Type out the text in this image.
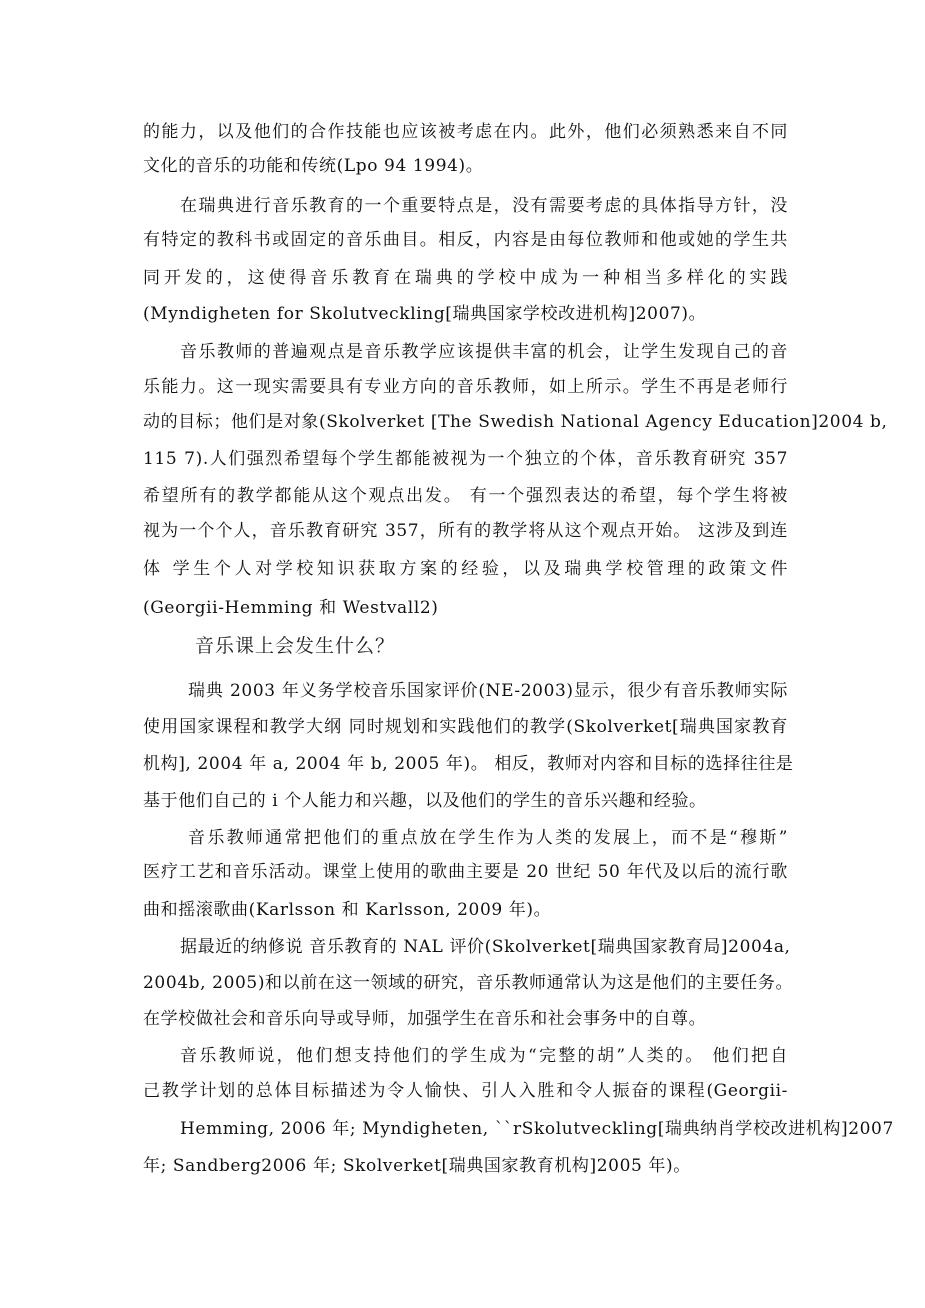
的能力，以及他们的合作技能也应该被考虑在内。此外，他们必须熟悉来自不同
文化的音乐的功能和传统(Lpo 94 1994)。
在瑞典进行音乐教育的一个重要特点是，没有需要考虑的具体指导方针，没
有特定的教科书或固定的音乐曲目。相反，内容是由每位教师和他或她的学生共
同开发的，这使得音乐教育在瑞典的学校中成为一种相当多样化的实践
(Myndigheten for Skolutveckling[瑞典国家学校改进机构]2007)。
音乐教师的普遍观点是音乐教学应该提供丰富的机会，让学生发现自己的音
乐能力。这一现实需要具有专业方向的音乐教师，如上所示。学生不再是老师行
动的目标；他们是对象(Skolverket [The Swedish National Agency Education]2004 b,
115 7).人们强烈希望每个学生都能被视为一个独立的个体，音乐教育研究 357
希望所有的教学都能从这个观点出发。 有一个强烈表达的希望，每个学生将被
视为一个个人，音乐教育研究 357，所有的教学将从这个观点开始。 这涉及到连
体 学生个人对学校知识获取方案的经验，以及瑞典学校管理的政策文件
(Georgii-Hemming 和 Westvall2)
音乐课上会发生什么？
瑞典 2003 年义务学校音乐国家评价(NE-2003)显示，很少有音乐教师实际
使用国家课程和教学大纲 同时规划和实践他们的教学(Skolverket[瑞典国家教育
机构], 2004 年 a, 2004 年 b, 2005 年)。 相反，教师对内容和目标的选择往往是
基于他们自己的 i 个人能力和兴趣，以及他们的学生的音乐兴趣和经验。
音乐教师通常把他们的重点放在学生作为人类的发展上，而不是“穆斯”
医疗工艺和音乐活动。课堂上使用的歌曲主要是 20 世纪 50 年代及以后的流行歌
曲和摇滚歌曲(Karlsson 和 Karlsson, 2009 年)。
据最近的纳修说 音乐教育的 NAL 评价(Skolverket[瑞典国家教育局]2004a,
2004b, 2005)和以前在这一领域的研究，音乐教师通常认为这是他们的主要任务。
在学校做社会和音乐向导或导师，加强学生在音乐和社会事务中的自尊。
音乐教师说，他们想支持他们的学生成为“完整的胡”人类的。 他们把自
己教学计划的总体目标描述为令人愉快、引人入胜和令人振奋的课程(Georgii-
Hemming, 2006 年; Myndigheten, ``rSkolutveckling[瑞典纳肖学校改进机构]2007
年; Sandberg2006 年; Skolverket[瑞典国家教育机构]2005 年)。
